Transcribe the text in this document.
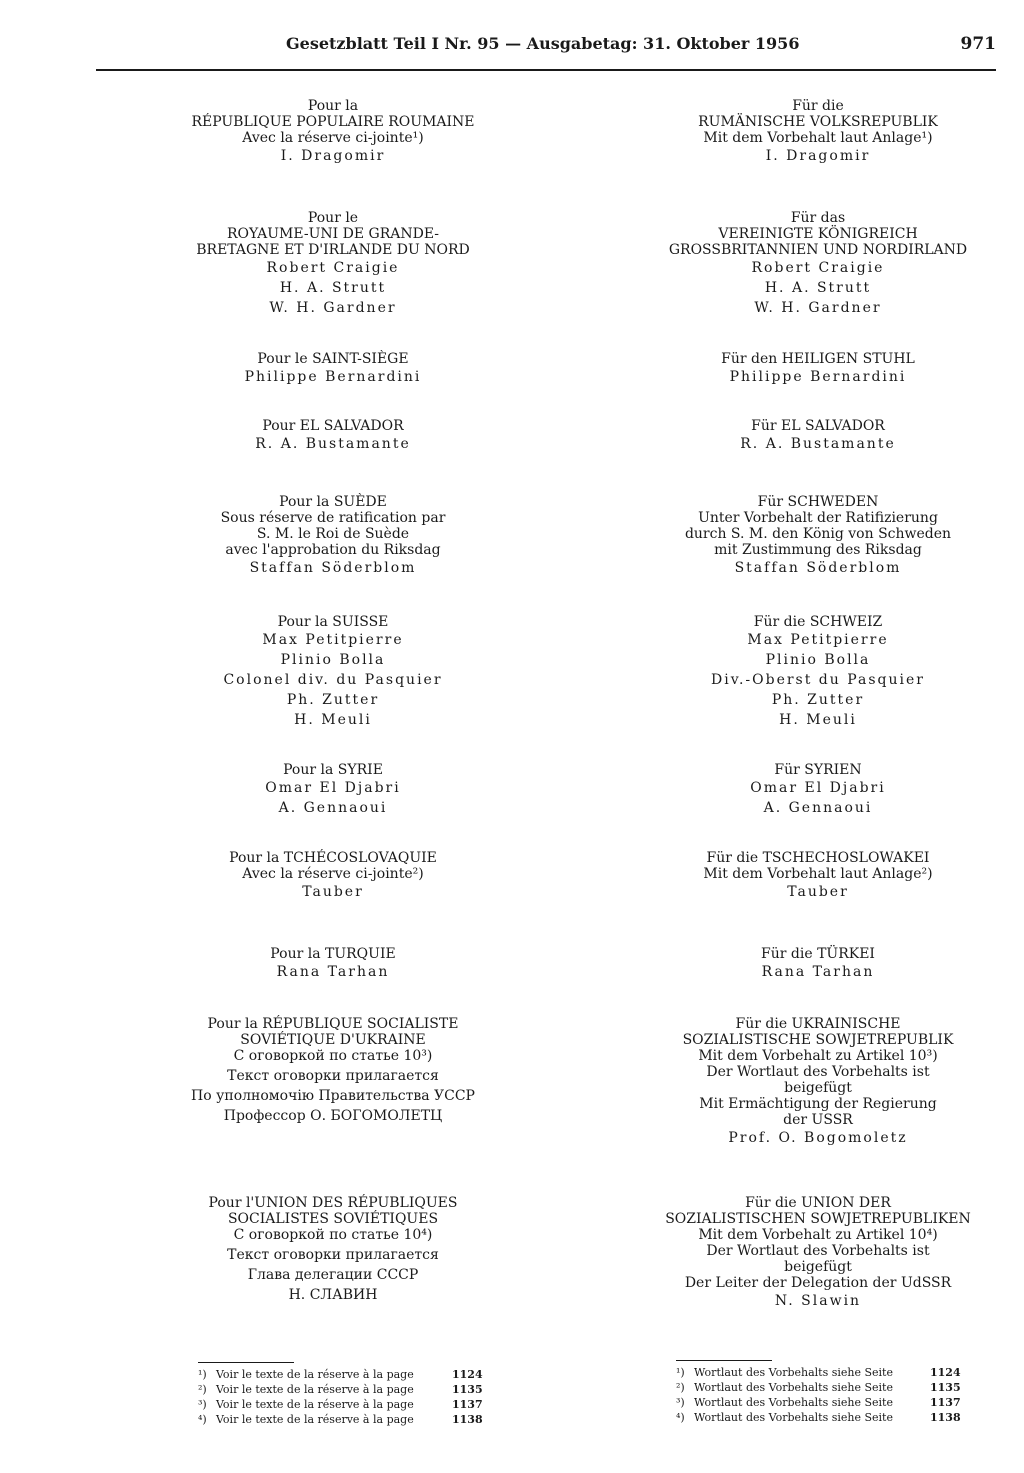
Gesetzblatt Teil I Nr. 95 — Ausgabetag: 31. Oktober 1956	971
Pour la
RÉPUBLIQUE POPULAIRE ROUMAINE
Avec la réserve ci-jointe¹)
I. Dragomir
Pour le
ROYAUME-UNI DE GRANDE-
BRETAGNE ET D'IRLANDE DU NORD
Robert Craigie
H. A. Strutt
W. H. Gardner
Pour le SAINT-SIÈGE
Philippe Bernardini
Pour EL SALVADOR
R. A. Bustamante
Pour la SUÈDE
Sous réserve de ratification par
S. M. le Roi de Suède
avec l'approbation du Riksdag
Staffan Söderblom
Pour la SUISSE
Max Petitpierre
Plinio Bolla
Colonel div. du Pasquier
Ph. Zutter
H. Meuli
Pour la SYRIE
Omar El Djabri
A. Gennaoui
Pour la TCHÉCOSLOVAQUIE
Avec la réserve ci-jointe²)
Tauber
Pour la TURQUIE
Rana Tarhan
Pour la RÉPUBLIQUE SOCIALISTE
SOVIÉTIQUE D'UKRAINE
С оговоркой по статье 10³)
Текст оговорки прилагается
По уполномочію Правительства УССР
Профессор О. БОГОМОЛЕТЦ
Pour l'UNION DES RÉPUBLIQUES
SOCIALISTES SOVIÉTIQUES
С оговоркой по статье 10⁴)
Текст оговорки прилагается
Глава делегации СССР
Н. СЛАВИН
Für die
RUMÄNISCHE VOLKSREPUBLIK
Mit dem Vorbehalt laut Anlage¹)
I. Dragomir
Für das
VEREINIGTE KÖNIGREICH
GROSSBRITANNIEN UND NORDIRLAND
Robert Craigie
H. A. Strutt
W. H. Gardner
Für den HEILIGEN STUHL
Philippe Bernardini
Für EL SALVADOR
R. A. Bustamante
Für SCHWEDEN
Unter Vorbehalt der Ratifizierung
durch S. M. den König von Schweden
mit Zustimmung des Riksdag
Staffan Söderblom
Für die SCHWEIZ
Max Petitpierre
Plinio Bolla
Div.-Oberst du Pasquier
Ph. Zutter
H. Meuli
Für SYRIEN
Omar El Djabri
A. Gennaoui
Für die TSCHECHOSLOWAKEI
Mit dem Vorbehalt laut Anlage²)
Tauber
Für die TÜRKEI
Rana Tarhan
Für die UKRAINISCHE
SOZIALISTISCHE SOWJETREPUBLIK
Mit dem Vorbehalt zu Artikel 10³)
Der Wortlaut des Vorbehalts ist
beigefügt
Mit Ermächtigung der Regierung
der USSR
Prof. O. Bogomoletz
Für die UNION DER
SOZIALISTISCHEN SOWJETREPUBLIKEN
Mit dem Vorbehalt zu Artikel 10⁴)
Der Wortlaut des Vorbehalts ist
beigefügt
Der Leiter der Delegation der UdSSR
N. Slawin
¹) Voir le texte de la réserve à la page	1124
²) Voir le texte de la réserve à la page	1135
³) Voir le texte de la réserve à la page	1137
⁴) Voir le texte de la réserve à la page	1138
¹) Wortlaut des Vorbehalts siehe Seite	1124
²) Wortlaut des Vorbehalts siehe Seite	1135
³) Wortlaut des Vorbehalts siehe Seite	1137
⁴) Wortlaut des Vorbehalts siehe Seite	1138
